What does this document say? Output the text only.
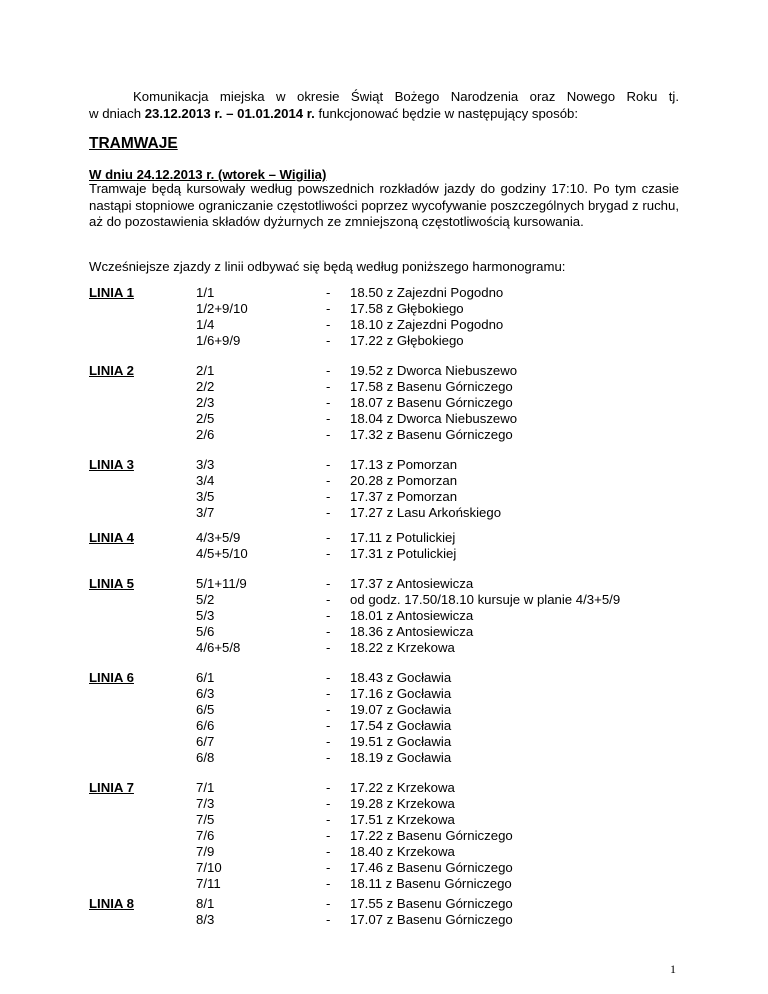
Komunikacja miejska w okresie Świąt Bożego Narodzenia oraz Nowego Roku tj.
w dniach 23.12.2013 r. – 01.01.2014 r. funkcjonować będzie w następujący sposób:
TRAMWAJE
W dniu 24.12.2013 r. (wtorek – Wigilia)
Tramwaje będą kursowały według powszednich rozkładów jazdy do godziny 17:10. Po tym czasie nastąpi stopniowe ograniczanie częstotliwości poprzez wycofywanie poszczególnych brygad z ruchu, aż do pozostawienia składów dyżurnych ze zmniejszoną częstotliwością kursowania.
Wcześniejsze zjazdy z linii odbywać się będą według poniższego harmonogramu:
LINIA 1	1/1	- 18.50 z Zajezdni Pogodno
1/2+9/10	- 17.58 z Głębokiego
1/4	- 18.10 z Zajezdni Pogodno
1/6+9/9	- 17.22 z Głębokiego
LINIA 2	2/1	- 19.52 z Dworca Niebuszewo
2/2	- 17.58 z Basenu Górniczego
2/3	- 18.07 z Basenu Górniczego
2/5	- 18.04 z Dworca Niebuszewo
2/6	- 17.32 z Basenu Górniczego
LINIA 3	3/3	- 17.13 z Pomorzan
3/4	- 20.28 z Pomorzan
3/5	- 17.37 z Pomorzan
3/7	- 17.27 z Lasu Arkońskiego
LINIA 4	4/3+5/9	- 17.11 z Potulickiej
4/5+5/10	- 17.31 z Potulickiej
LINIA 5	5/1+11/9	- 17.37 z Antosiewicza
5/2	- od godz. 17.50/18.10 kursuje w planie 4/3+5/9
5/3	- 18.01 z Antosiewicza
5/6	- 18.36 z Antosiewicza
4/6+5/8	- 18.22 z Krzekowa
LINIA 6	6/1	- 18.43 z Gocławia
6/3	- 17.16 z Gocławia
6/5	- 19.07 z Gocławia
6/6	- 17.54 z Gocławia
6/7	- 19.51 z Gocławia
6/8	- 18.19 z Gocławia
LINIA 7	7/1	- 17.22 z Krzekowa
7/3	- 19.28 z Krzekowa
7/5	- 17.51 z Krzekowa
7/6	- 17.22 z Basenu Górniczego
7/9	- 18.40 z Krzekowa
7/10	- 17.46 z Basenu Górniczego
7/11	- 18.11 z Basenu Górniczego
LINIA 8	8/1	- 17.55 z Basenu Górniczego
8/3	- 17.07 z Basenu Górniczego
1
